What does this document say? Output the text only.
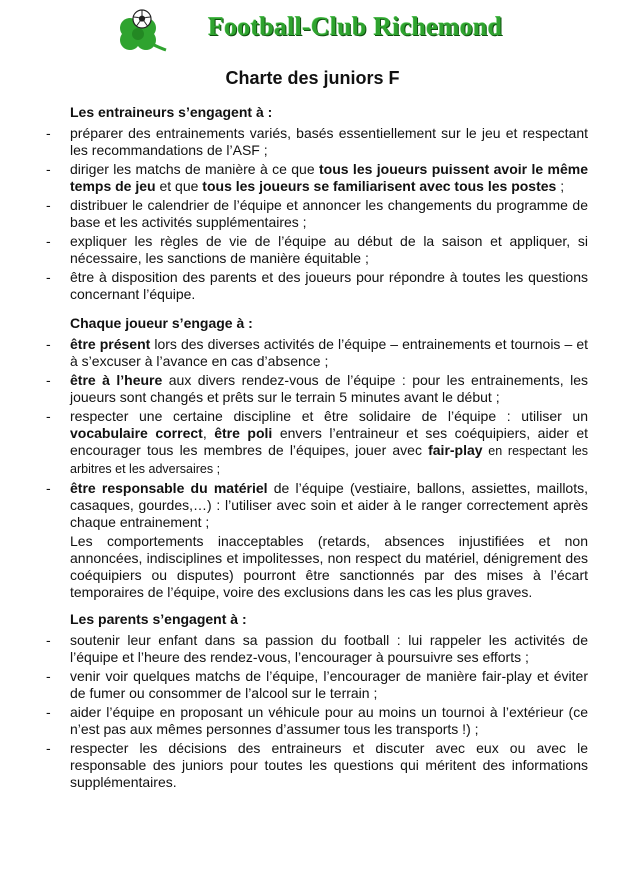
Football-Club Richemond
Charte des juniors F
Les entraineurs s’engagent à :
- préparer des entrainements variés, basés essentiellement sur le jeu et respectant les recommandations de l’ASF ;
- diriger les matchs de manière à ce que tous les joueurs puissent avoir le même temps de jeu et que tous les joueurs se familiarisent avec tous les postes ;
- distribuer le calendrier de l’équipe et annoncer les changements du programme de base et les activités supplémentaires ;
- expliquer les règles de vie de l’équipe au début de la saison et appliquer, si nécessaire, les sanctions de manière équitable ;
- être à disposition des parents et des joueurs pour répondre à toutes les questions concernant l’équipe.
Chaque joueur s’engage à :
- être présent lors des diverses activités de l’équipe – entrainements et tournois – et à s’excuser à l’avance en cas d’absence ;
- être à l’heure aux divers rendez-vous de l’équipe : pour les entrainements, les joueurs sont changés et prêts sur le terrain 5 minutes avant le début ;
- respecter une certaine discipline et être solidaire de l’équipe : utiliser un vocabulaire correct, être poli envers l’entraineur et ses coéquipiers, aider et encourager tous les membres de l’équipes, jouer avec fair-play en respectant les arbitres et les adversaires ;
- être responsable du matériel de l’équipe (vestiaire, ballons, assiettes, maillots, casaques, gourdes,…) : l’utiliser avec soin et aider à le ranger correctement après chaque entrainement ;
Les comportements inacceptables (retards, absences injustifiées et non annoncées, indisciplines et impolitesses, non respect du matériel, dénigrement des coéquipiers ou disputes) pourront être sanctionnés par des mises à l’écart temporaires de l’équipe, voire des exclusions dans les cas les plus graves.
Les parents s’engagent à :
- soutenir leur enfant dans sa passion du football : lui rappeler les activités de l’équipe et l’heure des rendez-vous, l’encourager à poursuivre ses efforts ;
- venir voir quelques matchs de l’équipe, l’encourager de manière fair-play et éviter de fumer ou consommer de l’alcool sur le terrain ;
- aider l’équipe en proposant un véhicule pour au moins un tournoi à l’extérieur (ce n’est pas aux mêmes personnes d’assumer tous les transports !) ;
- respecter les décisions des entraineurs et discuter avec eux ou avec le responsable des juniors pour toutes les questions qui méritent des informations supplémentaires.
